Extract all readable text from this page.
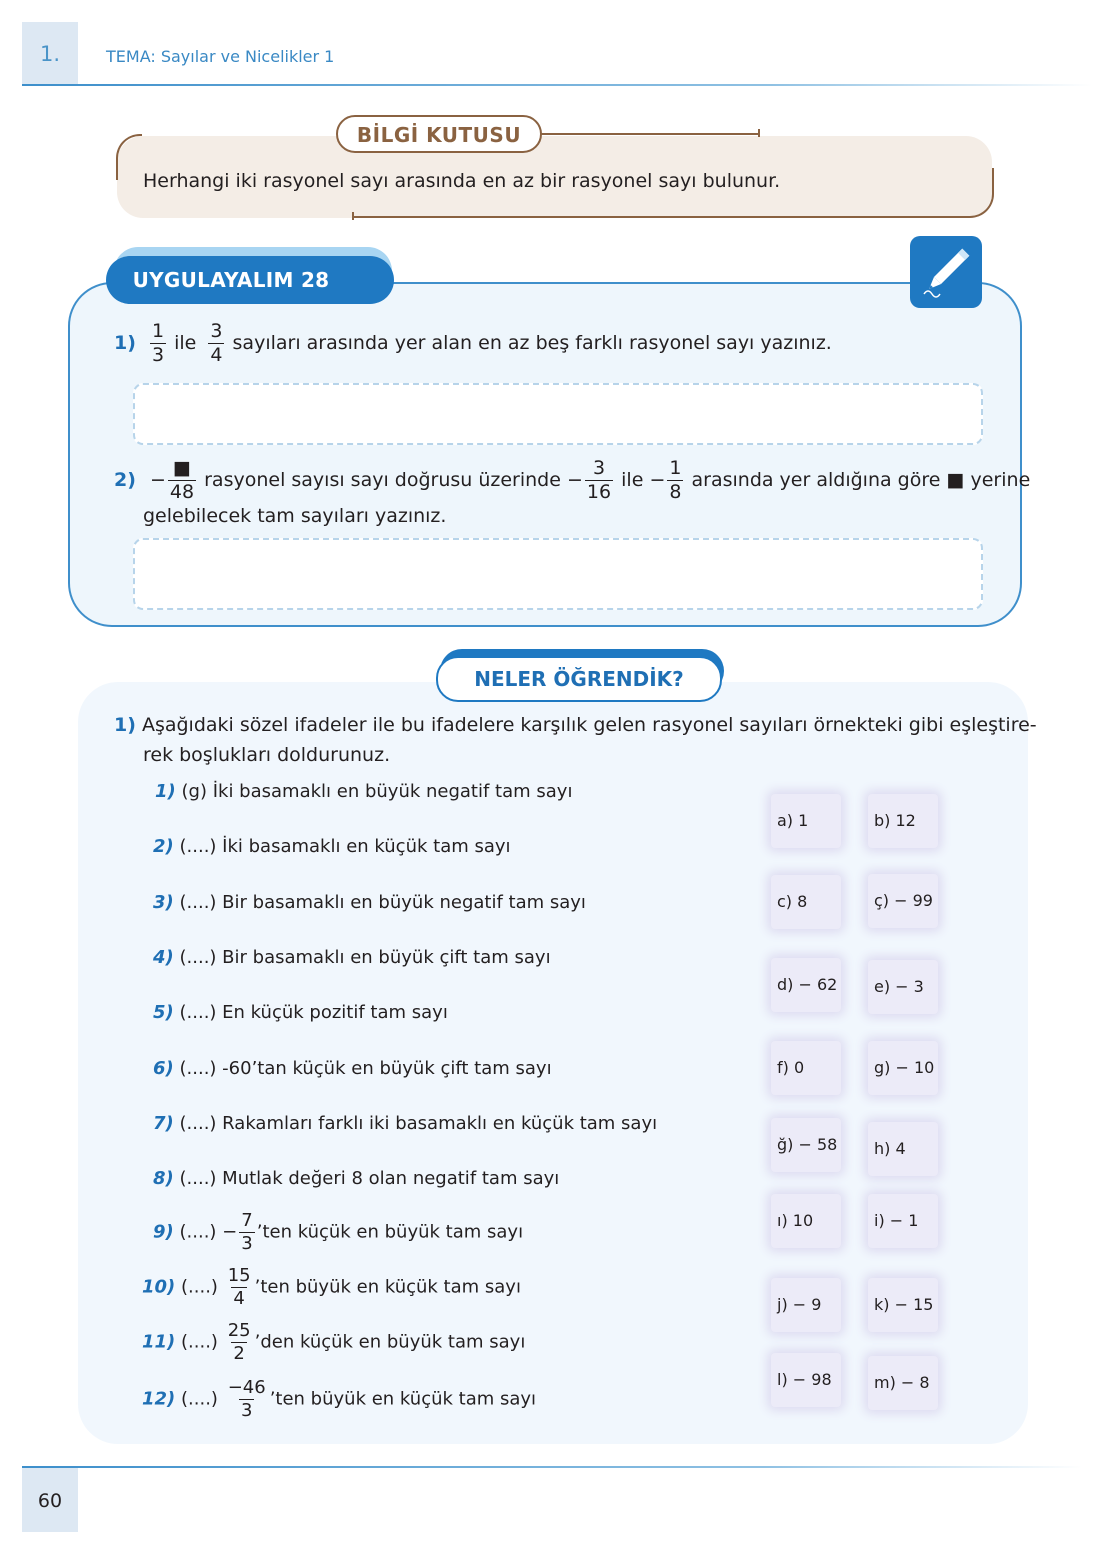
1.	TEMA: Sayılar ve Nicelikler 1
BİLGİ KUTUSU
Herhangi iki rasyonel sayı arasında en az bir rasyonel sayı bulunur.
UYGULAYALIM 28
$1) \frac{1}{3}$ ile $\frac{3}{4}$ sayıları arasında yer alan en az beş farklı rasyonel sayı yazınız.
$2) - \frac{■}{48}$ rasyonel sayısı sayı doğrusu üzerinde − $\frac{3}{16}$ ile − $\frac{1}{8}$ arasında yer aldığına göre ■ yerine
gelebilecek tam sayıları yazınız.
NELER ÖĞRENDİK?
1) Aşağıdaki sözel ifadeler ile bu ifadelere karşılık gelen rasyonel sayıları örnekteki gibi eşleştire-
rek boşlukları doldurunuz.
1) (g) İki basamaklı en büyük negatif tam sayı
2) (....) İki basamaklı en küçük tam sayı
3) (....) Bir basamaklı en büyük negatif tam sayı
4) (....) Bir basamaklı en büyük çift tam sayı
5) (....) En küçük pozitif tam sayı
6) (....) -60’tan küçük en büyük çift tam sayı
7) (....) Rakamları farklı iki basamaklı en küçük tam sayı
8) (....) Mutlak değeri 8 olan negatif tam sayı
9) (....) − $\frac{7}{3}$ ’ten küçük en büyük tam sayı
10) (....) $\frac{15}{4}$ ’ten büyük en küçük tam sayı
11) (....) $\frac{25}{2}$ ’den küçük en büyük tam sayı
12) (....) $\frac{-46}{3}$ ’ten büyük en küçük tam sayı
a) 1	b) 12
c) 8	ç) − 99
d) − 62	e) − 3
f) 0	g) − 10
ğ) − 58	h) 4
ı) 10	i) − 1
j) − 9	k) − 15
l) − 98	m) − 8
60
